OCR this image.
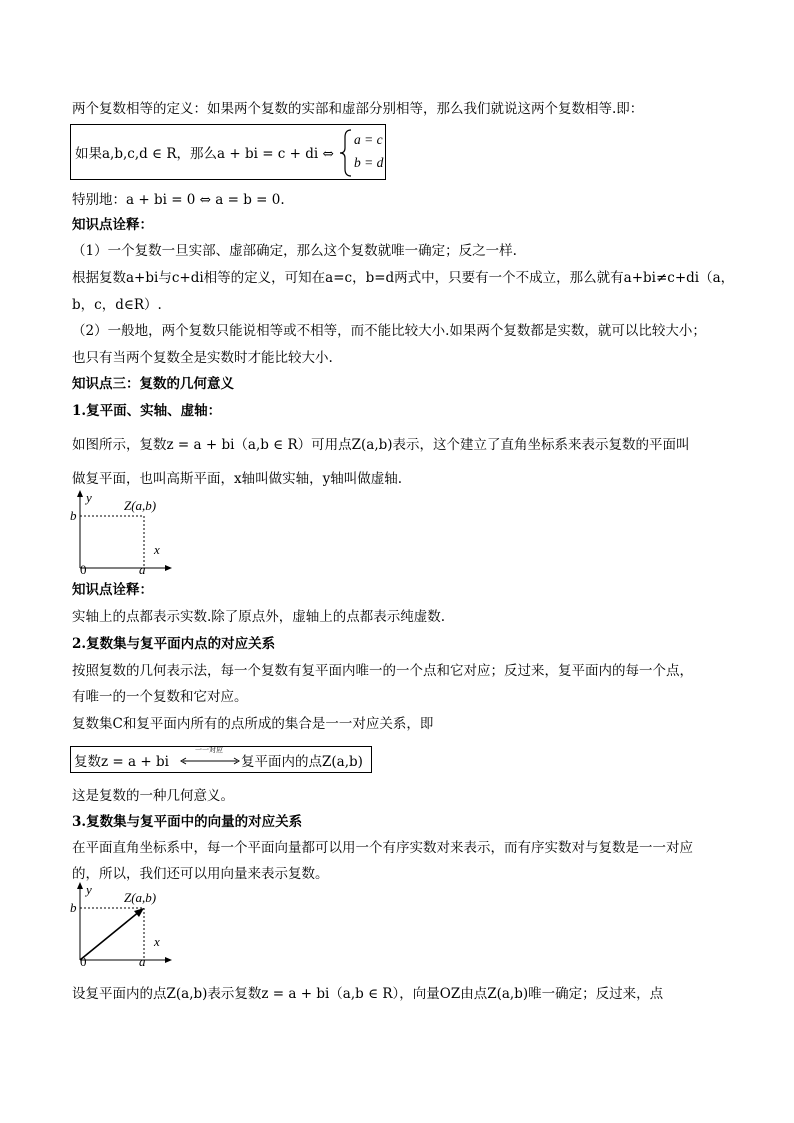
两个复数相等的定义：如果两个复数的实部和虚部分别相等，那么我们就说这两个复数相等.即：
如果a,b,c,d ∈ R，那么a + bi = c + di ⇔
a = c
b = d
特别地：a + bi = 0 ⇔ a = b = 0.
知识点诠释：
（1）一个复数一旦实部、虚部确定，那么这个复数就唯一确定；反之一样.
根据复数a+bi与c+di相等的定义，可知在a=c，b=d两式中，只要有一个不成立，那么就有a+bi≠c+di（a，
b，c，d∈R）.
（2）一般地，两个复数只能说相等或不相等，而不能比较大小.如果两个复数都是实数，就可以比较大小；
也只有当两个复数全是实数时才能比较大小.
知识点三：复数的几何意义
1.复平面、实轴、虚轴：
如图所示，复数z = a + bi（a,b ∈ R）可用点Z(a,b)表示，这个建立了直角坐标系来表示复数的平面叫
做复平面，也叫高斯平面，x轴叫做实轴，y轴叫做虚轴.
y
b
Z(a,b)
x
a
0
知识点诠释：
实轴上的点都表示实数.除了原点外，虚轴上的点都表示纯虚数.
2.复数集与复平面内点的对应关系
按照复数的几何表示法，每一个复数有复平面内唯一的一个点和它对应；反过来，复平面内的每一个点，
有唯一的一个复数和它对应。
复数集C和复平面内所有的点所成的集合是一一对应关系，即
复数z = a + bi
一一对应
复平面内的点Z(a,b)
这是复数的一种几何意义。
3.复数集与复平面中的向量的对应关系
在平面直角坐标系中，每一个平面向量都可以用一个有序实数对来表示，而有序实数对与复数是一一对应
的，所以，我们还可以用向量来表示复数。
y
b
Z(a,b)
x
a
0
设复平面内的点Z(a,b)表示复数z = a + bi（a,b ∈ R），向量OZ由点Z(a,b)唯一确定；反过来，点
